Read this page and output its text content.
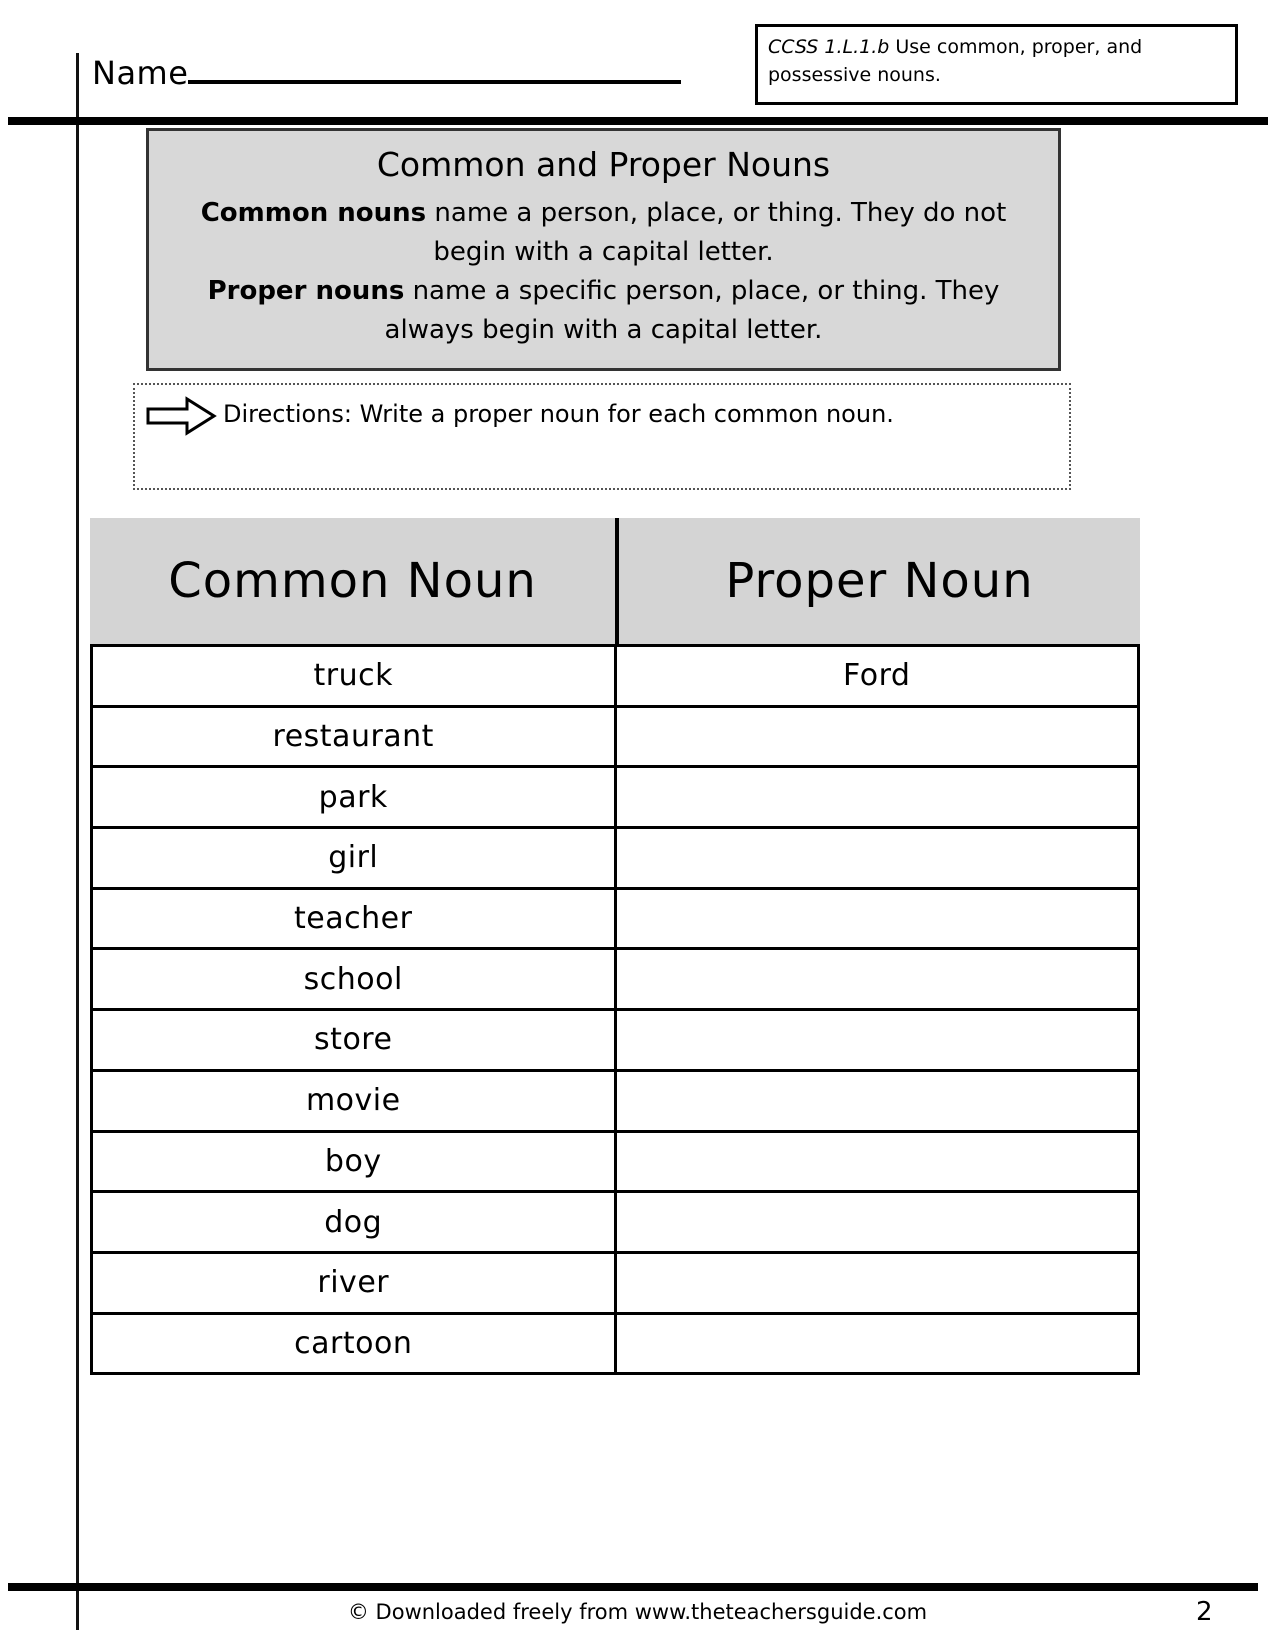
Name
CCSS 1.L.1.b Use common, proper, and possessive nouns.
Common and Proper Nouns
Common nouns name a person, place, or thing. They do not begin with a capital letter.
Proper nouns name a specific person, place, or thing. They always begin with a capital letter.
Directions: Write a proper noun for each common noun.
Common Noun	Proper Noun
truck	Ford
restaurant	
park	
girl	
teacher	
school	
store	
movie	
boy	
dog	
river	
cartoon	
© Downloaded freely from www.theteachersguide.com	2
